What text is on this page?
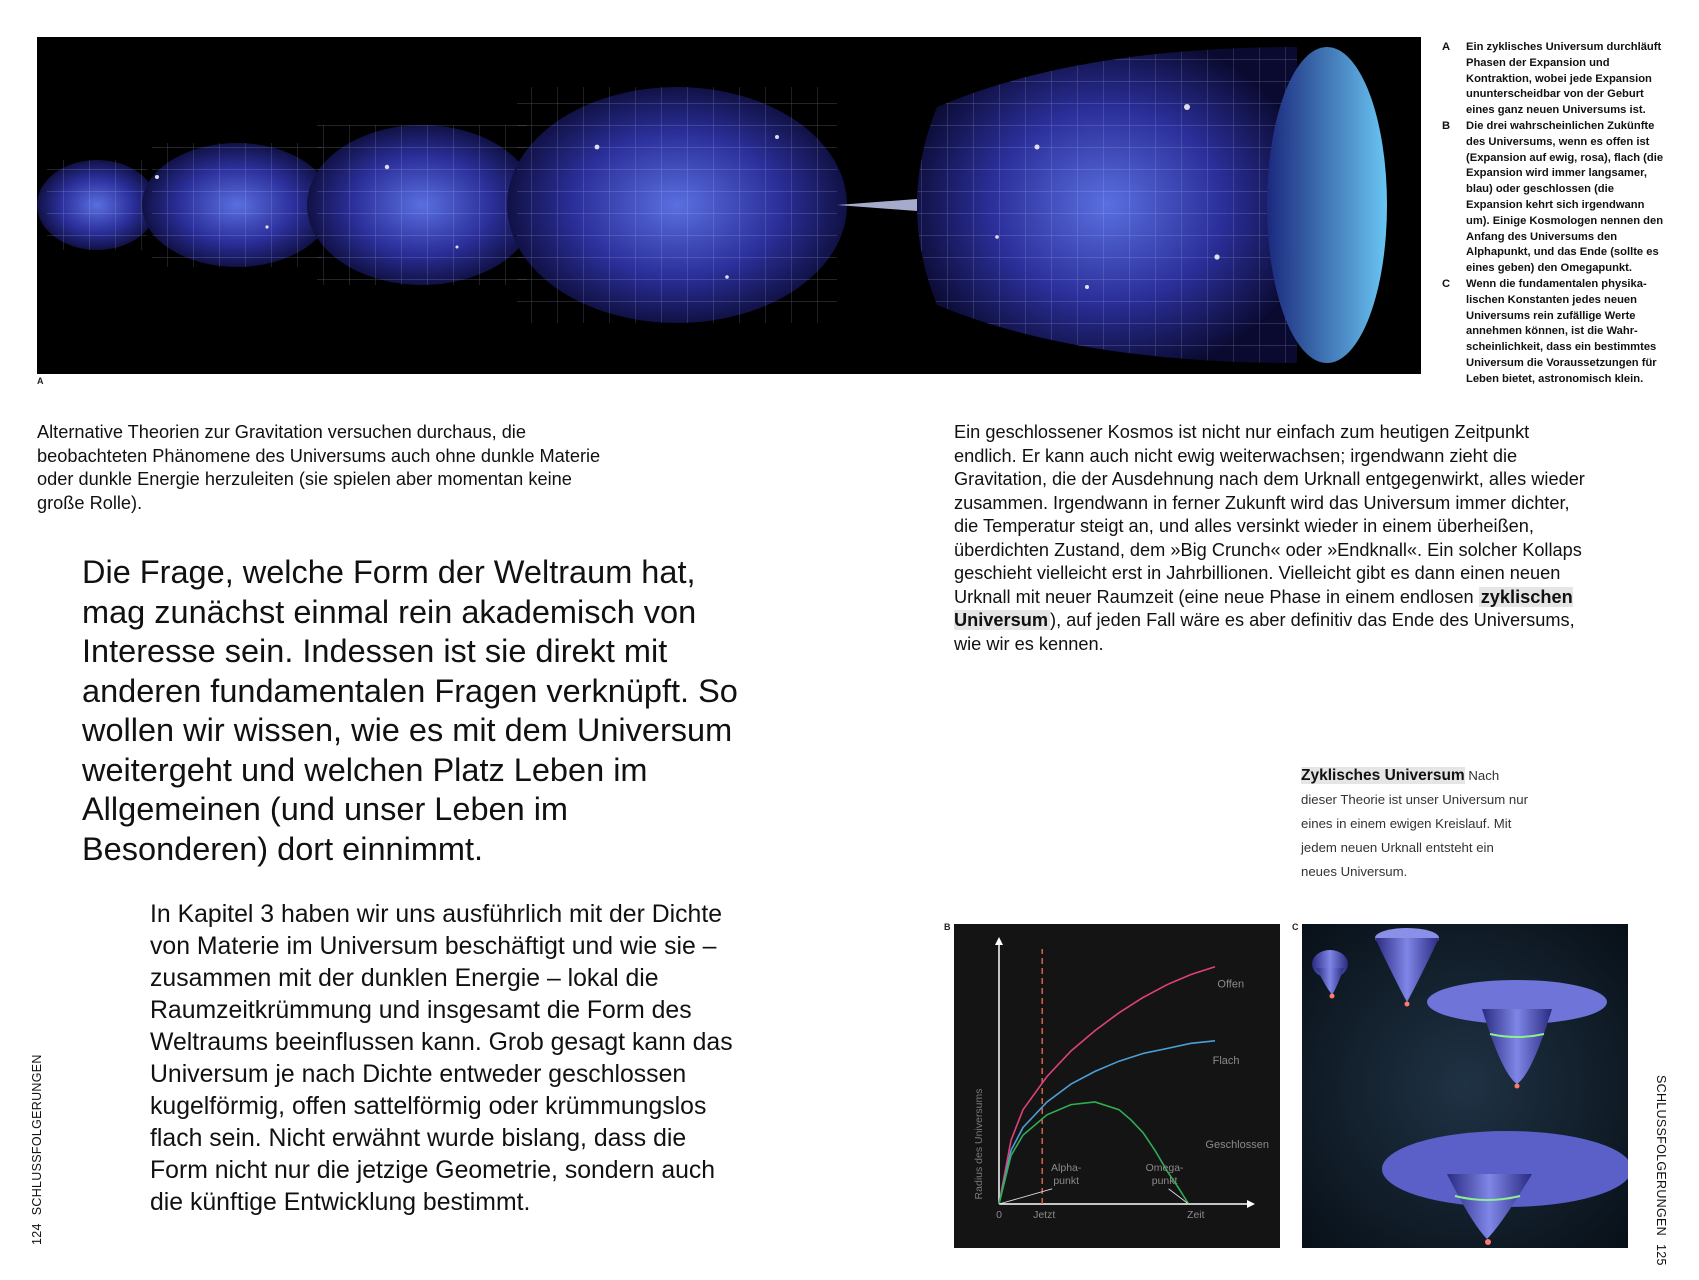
A
A	Ein zyklisches Universum durchläuft Phasen der Expansion und Kontraktion, wobei jede Expansion ununterscheidbar von der Geburt eines ganz neuen Universums ist.
B	Die drei wahrscheinlichen Zukünfte des Universums, wenn es offen ist (Expansion auf ewig, rosa), flach (die Expansion wird immer langsamer, blau) oder geschlossen (die Expansion kehrt sich irgendwann um). Einige Kosmologen nennen den Anfang des Universums den Alphapunkt, und das Ende (sollte es eines geben) den Omegapunkt.
C	Wenn die fundamentalen physikalischen Konstanten jedes neuen Universums rein zufällige Werte annehmen können, ist die Wahrscheinlichkeit, dass ein bestimmtes Universum die Voraussetzungen für Leben bietet, astronomisch klein.
Alternative Theorien zur Gravitation versuchen durchaus, die beobachteten Phänomene des Universums auch ohne dunkle Materie oder dunkle Energie herzuleiten (sie spielen aber momentan keine große Rolle).
Die Frage, welche Form der Weltraum hat, mag zunächst einmal rein akademisch von Interesse sein. Indessen ist sie direkt mit anderen fundamentalen Fragen verknüpft. So wollen wir wissen, wie es mit dem Universum weitergeht und welchen Platz Leben im Allgemeinen (und unser Leben im Besonderen) dort einnimmt.
In Kapitel 3 haben wir uns ausführlich mit der Dichte von Materie im Universum beschäftigt und wie sie – zusammen mit der dunklen Energie – lokal die Raumzeitkrümmung und insgesamt die Form des Weltraums beeinflussen kann. Grob gesagt kann das Universum je nach Dichte entweder geschlossen kugelförmig, offen sattelförmig oder krümmungslos flach sein. Nicht erwähnt wurde bislang, dass die Form nicht nur die jetzige Geometrie, sondern auch die künftige Entwicklung bestimmt.
Ein geschlossener Kosmos ist nicht nur einfach zum heutigen Zeitpunkt endlich. Er kann auch nicht ewig weiterwachsen; irgendwann zieht die Gravitation, die der Ausdehnung nach dem Urknall entgegenwirkt, alles wieder zusammen. Irgendwann in ferner Zukunft wird das Universum immer dichter, die Temperatur steigt an, und alles versinkt wieder in einem überheißen, überdichten Zustand, dem »Big Crunch« oder »Endknall«. Ein solcher Kollaps geschieht vielleicht erst in Jahrbillionen. Vielleicht gibt es dann einen neuen Urknall mit neuer Raumzeit (eine neue Phase in einem endlosen zyklischen Universum ), auf jeden Fall wäre es aber definitiv das Ende des Universums, wie wir es kennen.
Zyklisches Universum Nach dieser Theorie ist unser Universum nur eines in einem ewigen Kreislauf. Mit jedem neuen Urknall entsteht ein neues Universum.
B
Offen
Flach
Geschlossen
Radius des Universums
0	Jetzt	Zeit
Alpha-
punkt
Omega-
punkt
C
124SCHLUSSFOLGERUNGEN	SCHLUSSFOLGERUNGEN125
